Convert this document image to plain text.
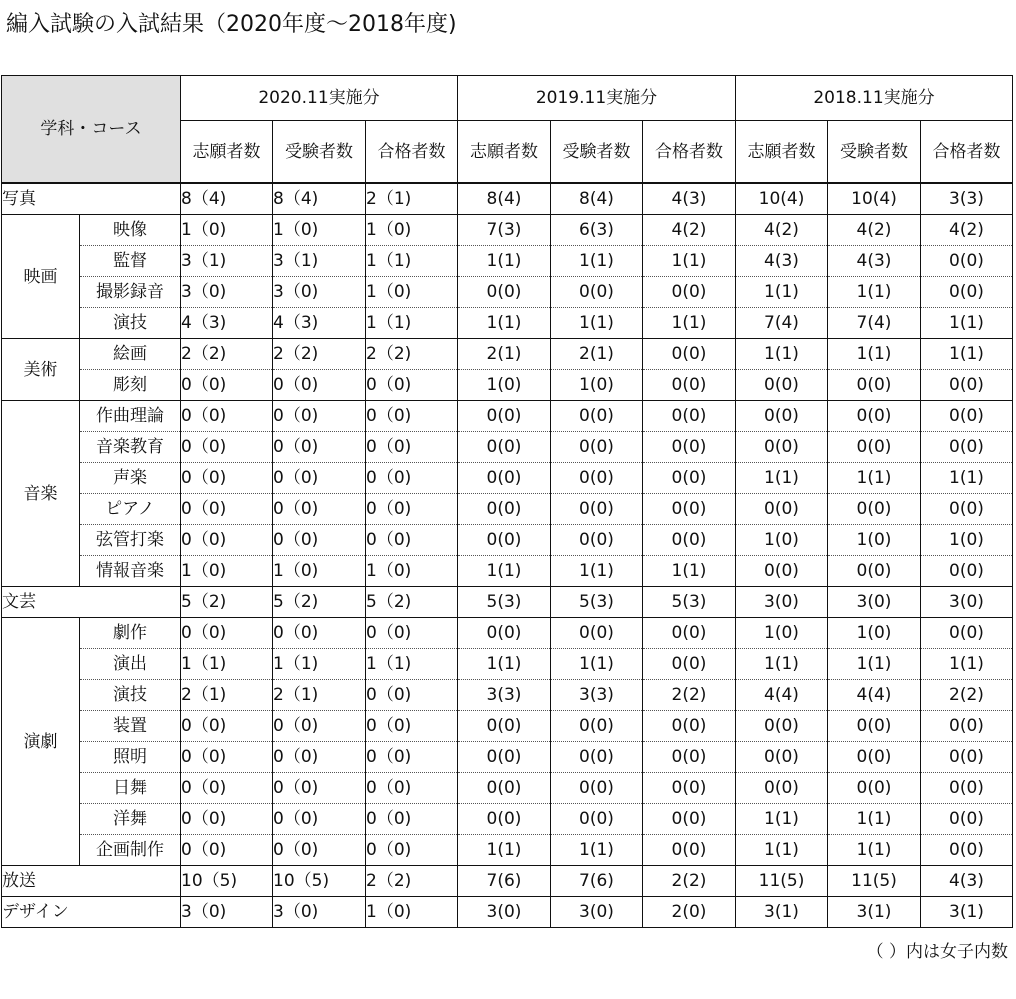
編入試験の入試結果（2020年度〜2018年度)
学科・コース		2020.11実施分			2019.11実施分			2018.11実施分		
		志願者数	受験者数	合格者数	志願者数	受験者数	合格者数	志願者数	受験者数	合格者数
写真		8（4)	8（4)	2（1)	8(4)	8(4)	4(3)	10(4)	10(4)	3(3)
映画	映像	1（0)	1（0)	1（0)	7(3)	6(3)	4(2)	4(2)	4(2)	4(2)
	監督	3（1)	3（1)	1（1)	1(1)	1(1)	1(1)	4(3)	4(3)	0(0)
	撮影録音	3（0)	3（0)	1（0)	0(0)	0(0)	0(0)	1(1)	1(1)	0(0)
	演技	4（3)	4（3)	1（1)	1(1)	1(1)	1(1)	7(4)	7(4)	1(1)
美術	絵画	2（2)	2（2)	2（2)	2(1)	2(1)	0(0)	1(1)	1(1)	1(1)
	彫刻	0（0)	0（0)	0（0)	1(0)	1(0)	0(0)	0(0)	0(0)	0(0)
音楽	作曲理論	0（0)	0（0)	0（0)	0(0)	0(0)	0(0)	0(0)	0(0)	0(0)
	音楽教育	0（0)	0（0)	0（0)	0(0)	0(0)	0(0)	0(0)	0(0)	0(0)
	声楽	0（0)	0（0)	0（0)	0(0)	0(0)	0(0)	1(1)	1(1)	1(1)
	ピアノ	0（0)	0（0)	0（0)	0(0)	0(0)	0(0)	0(0)	0(0)	0(0)
	弦管打楽	0（0)	0（0)	0（0)	0(0)	0(0)	0(0)	1(0)	1(0)	1(0)
	情報音楽	1（0)	1（0)	1（0)	1(1)	1(1)	1(1)	0(0)	0(0)	0(0)
文芸		5（2)	5（2)	5（2)	5(3)	5(3)	5(3)	3(0)	3(0)	3(0)
演劇	劇作	0（0)	0（0)	0（0)	0(0)	0(0)	0(0)	1(0)	1(0)	0(0)
	演出	1（1)	1（1)	1（1)	1(1)	1(1)	0(0)	1(1)	1(1)	1(1)
	演技	2（1)	2（1)	0（0)	3(3)	3(3)	2(2)	4(4)	4(4)	2(2)
	装置	0（0)	0（0)	0（0)	0(0)	0(0)	0(0)	0(0)	0(0)	0(0)
	照明	0（0)	0（0)	0（0)	0(0)	0(0)	0(0)	0(0)	0(0)	0(0)
	日舞	0（0)	0（0)	0（0)	0(0)	0(0)	0(0)	0(0)	0(0)	0(0)
	洋舞	0（0)	0（0)	0（0)	0(0)	0(0)	0(0)	1(1)	1(1)	0(0)
	企画制作	0（0)	0（0)	0（0)	1(1)	1(1)	0(0)	1(1)	1(1)	0(0)
放送		10（5)	10（5)	2（2)	7(6)	7(6)	2(2)	11(5)	11(5)	4(3)
デザイン		3（0)	3（0)	1（0)	3(0)	3(0)	2(0)	3(1)	3(1)	3(1)
（ ）内は女子内数
